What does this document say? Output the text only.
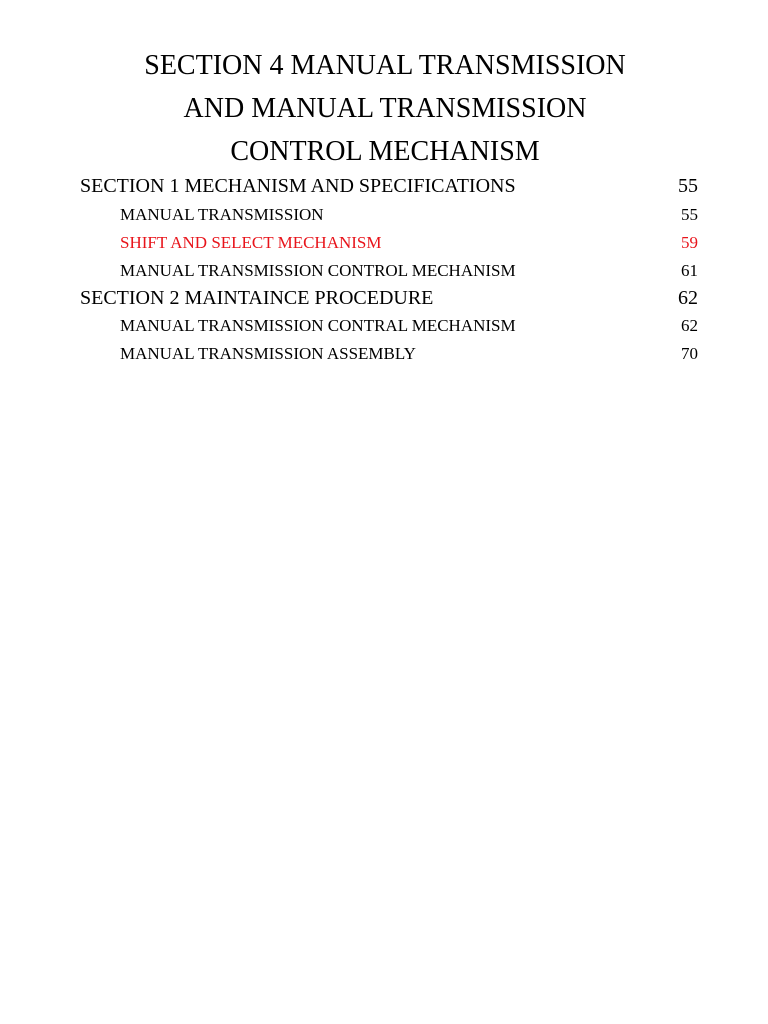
SECTION 4 MANUAL TRANSMISSION
AND MANUAL TRANSMISSION
CONTROL MECHANISM
SECTION 1 MECHANISM AND SPECIFICATIONS	55
MANUAL TRANSMISSION	55
SHIFT AND SELECT MECHANISM	59
MANUAL TRANSMISSION CONTROL MECHANISM	61
SECTION 2 MAINTAINCE PROCEDURE	62
MANUAL TRANSMISSION CONTRAL MECHANISM	62
MANUAL TRANSMISSION ASSEMBLY	70
